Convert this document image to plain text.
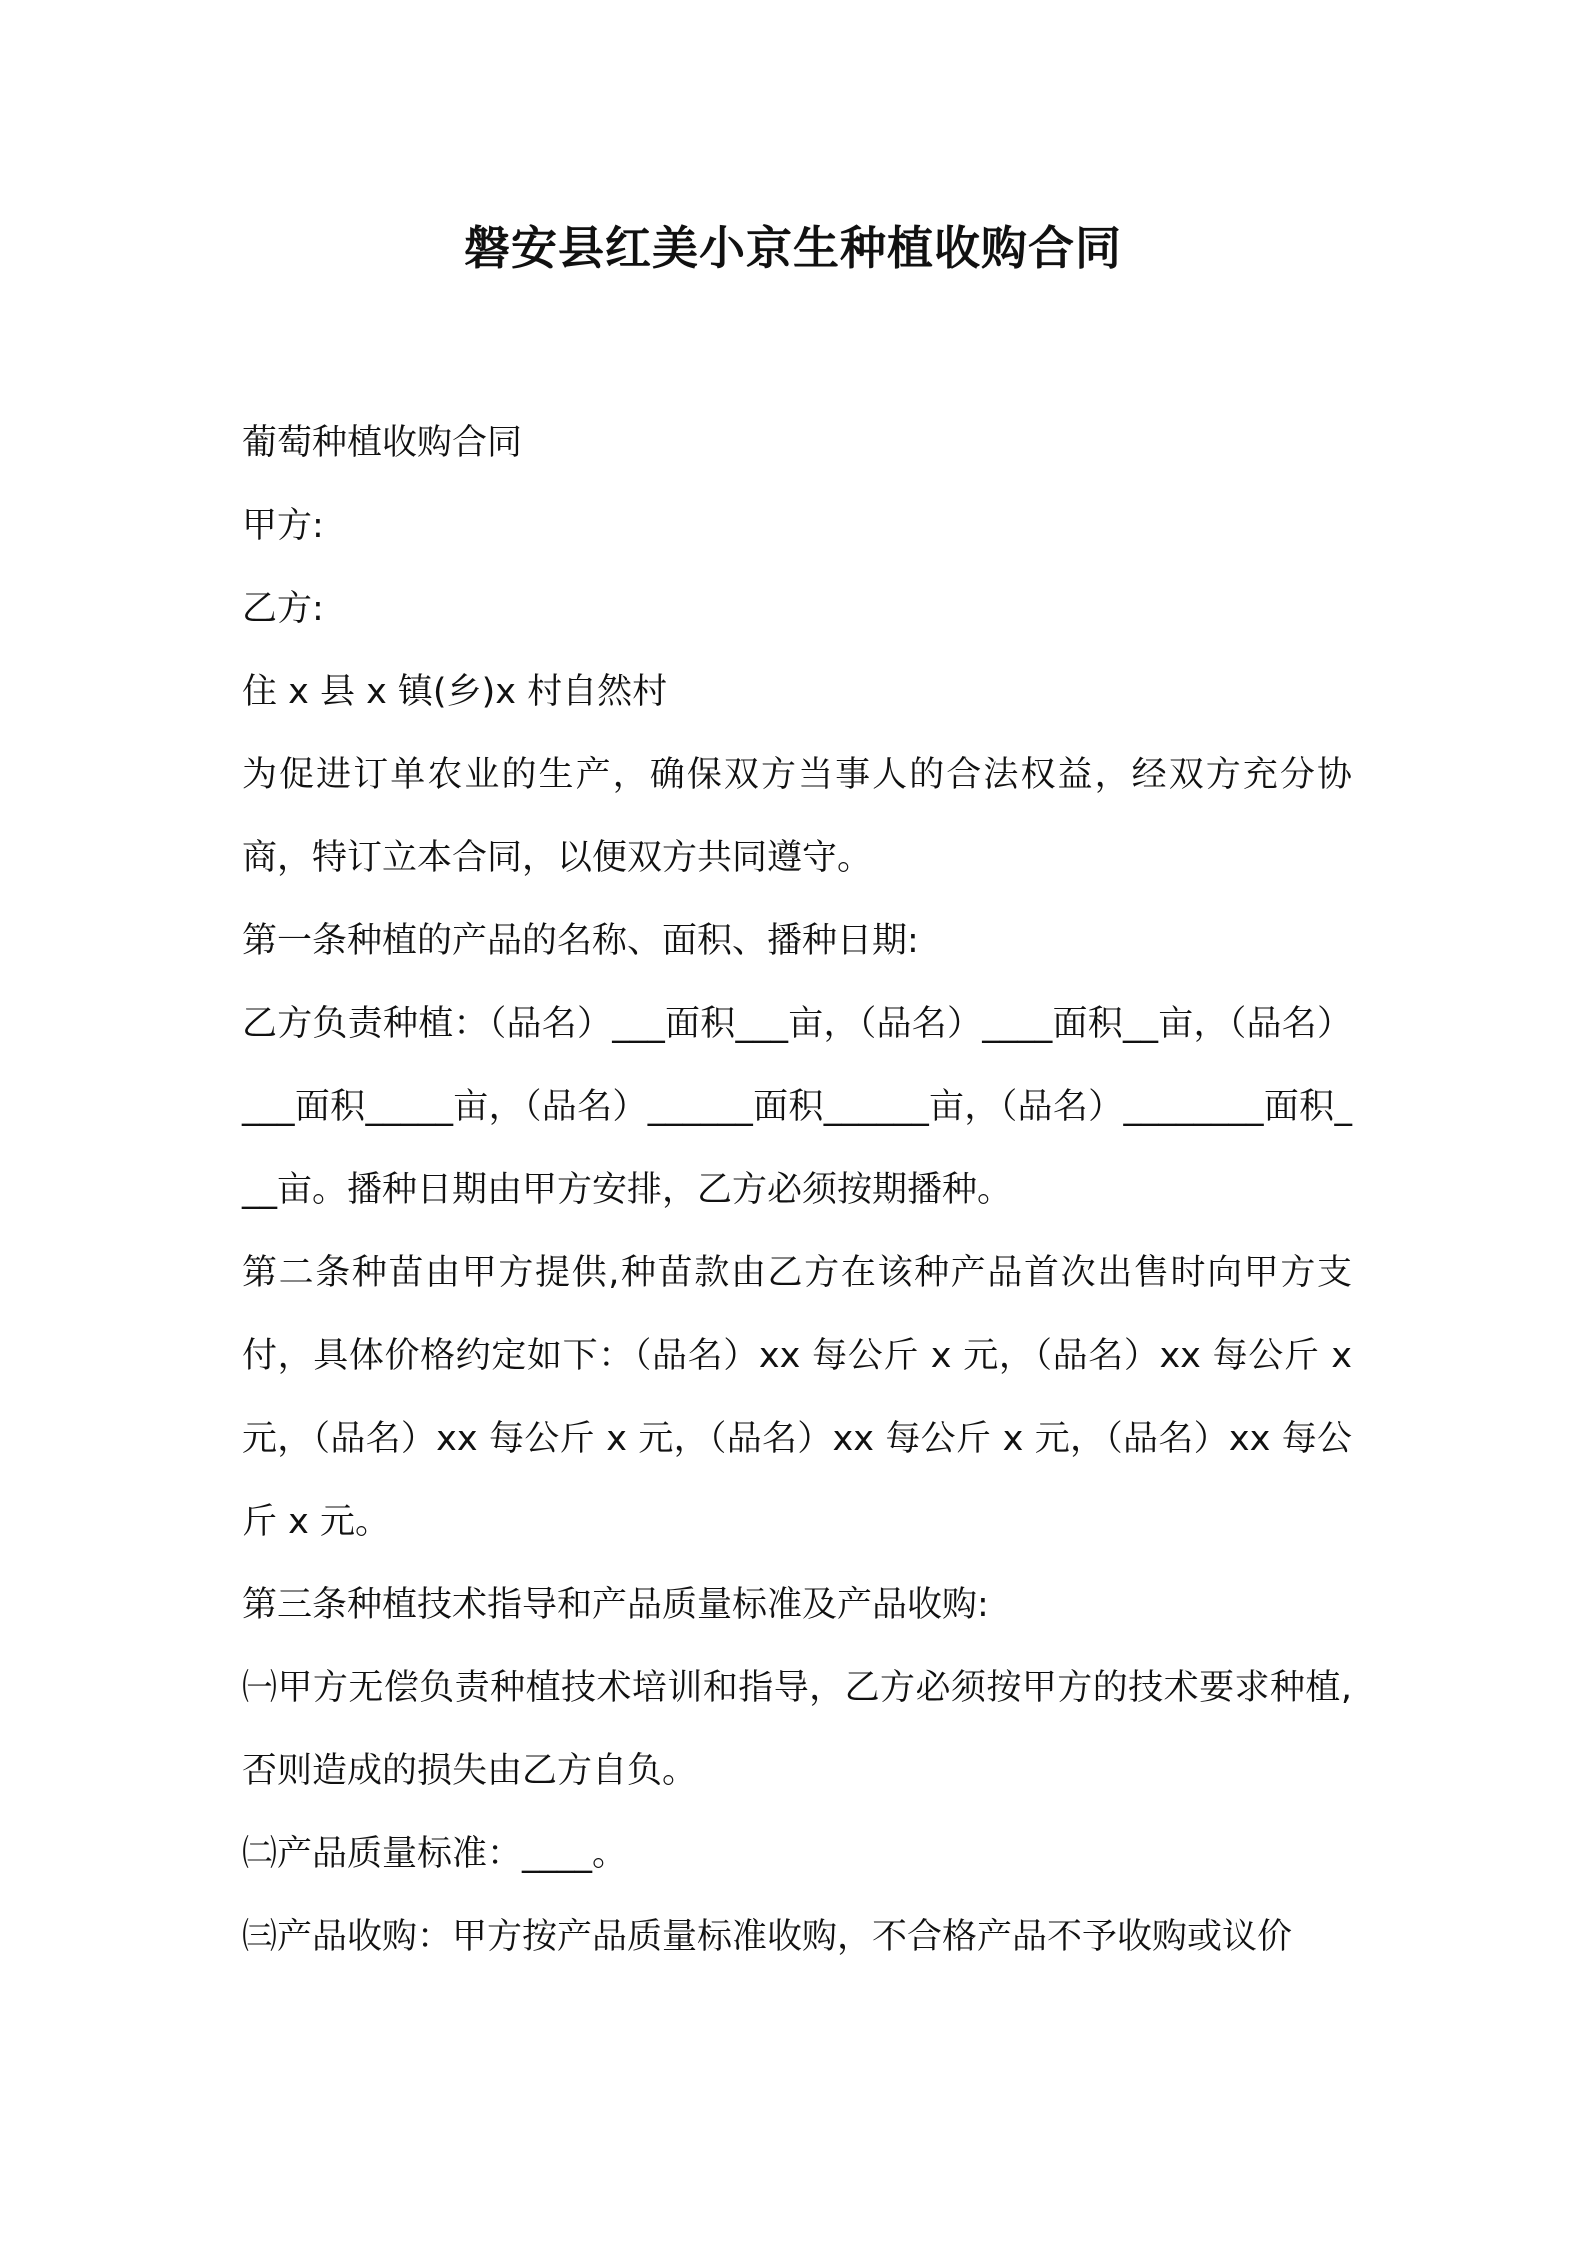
磐安县红美小京生种植收购合同

葡萄种植收购合同

甲方:

乙方:

住 x 县 x 镇(乡)x 村自然村

为促进订单农业的生产，确保双方当事人的合法权益，经双方充分协商，特订立本合同，以便双方共同遵守。

第一条种植的产品的名称、面积、播种日期:

乙方负责种植：（品名）___面积___亩，（品名）____面积__亩，（品名）___面积_____亩，（品名）______面积______亩，（品名）________面积___亩。播种日期由甲方安排，乙方必须按期播种。

第二条种苗由甲方提供,种苗款由乙方在该种产品首次出售时向甲方支付，具体价格约定如下：（品名）xx 每公斤 x 元，（品名）xx 每公斤 x 元，（品名）xx 每公斤 x 元，（品名）xx 每公斤 x 元，（品名）xx 每公斤 x 元。

第三条种植技术指导和产品质量标准及产品收购:

㈠甲方无偿负责种植技术培训和指导，乙方必须按甲方的技术要求种植,否则造成的损失由乙方自负。

㈡产品质量标准：____。

㈢产品收购：甲方按产品质量标准收购，不合格产品不予收购或议价
